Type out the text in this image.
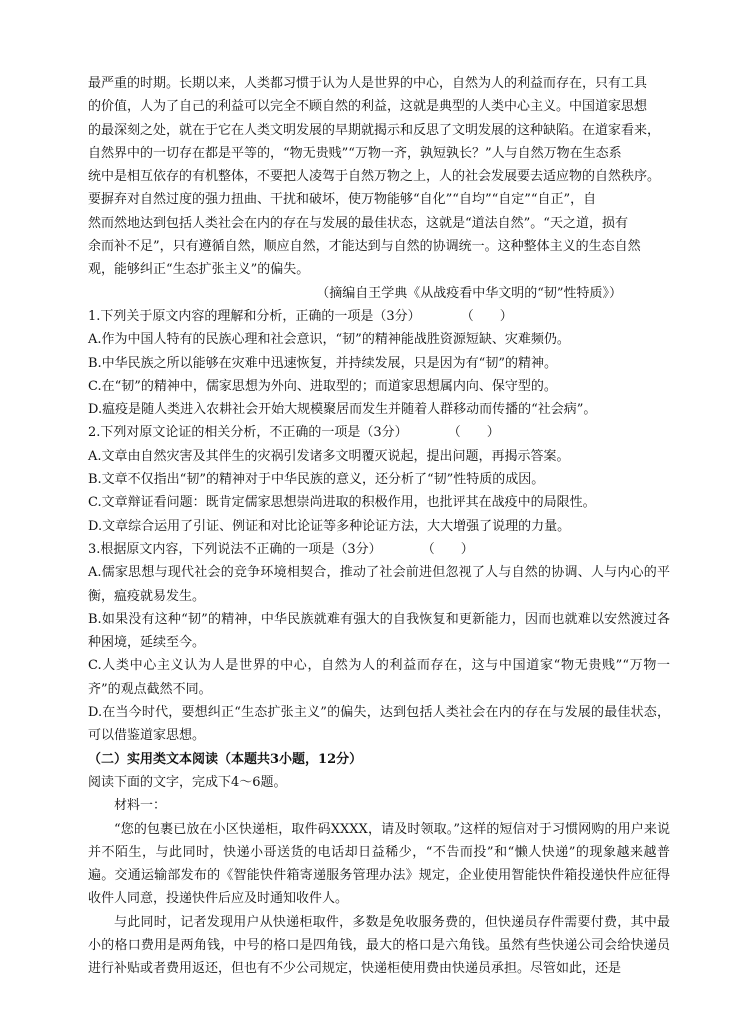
最严重的时期。长期以来，人类都习惯于认为人是世界的中心，自然为人的利益而存在，只有工具

的价值，人为了自己的利益可以完全不顾自然的利益，这就是典型的人类中心主义。中国道家思想

的最深刻之处，就在于它在人类文明发展的早期就揭示和反思了文明发展的这种缺陷。在道家看来，

自然界中的一切存在都是平等的，“物无贵贱”“万物一齐，孰短孰长？”人与自然万物在生态系

统中是相互依存的有机整体，不要把人凌驾于自然万物之上，人的社会发展要去适应物的自然秩序。

要摒弃对自然过度的强力扭曲、干扰和破坏，使万物能够“自化”“自均”“自定”“自正”，自

然而然地达到包括人类社会在内的存在与发展的最佳状态，这就是“道法自然”。“天之道，损有

余而补不足”，只有遵循自然，顺应自然，才能达到与自然的协调统一。这种整体主义的生态自然

观，能够纠正“生态扩张主义”的偏失。

（摘编自王学典《从战疫看中华文明的“韧”性特质》）

1.下列关于原文内容的理解和分析，正确的一项是（3分）	（　　）

A.作为中国人特有的民族心理和社会意识，“韧”的精神能战胜资源短缺、灾难频仍。

B.中华民族之所以能够在灾难中迅速恢复，并持续发展，只是因为有“韧”的精神。

C.在“韧”的精神中，儒家思想为外向、进取型的；而道家思想属内向、保守型的。

D.瘟疫是随人类进入农耕社会开始大规模聚居而发生并随着人群移动而传播的“社会病”。

2.下列对原文论证的相关分析，不正确的一项是（3分）	（　　）

A.文章由自然灾害及其伴生的灾祸引发诸多文明覆灭说起，提出问题，再揭示答案。

B.文章不仅指出“韧”的精神对于中华民族的意义，还分析了“韧”性特质的成因。

C.文章辩证看问题：既肯定儒家思想崇尚进取的积极作用，也批评其在战疫中的局限性。

D.文章综合运用了引证、例证和对比论证等多种论证方法，大大增强了说理的力量。

3.根据原文内容，下列说法不正确的一项是（3分）	（　　）

A.儒家思想与现代社会的竞争环境相契合，推动了社会前进但忽视了人与自然的协调、人与内心的平衡，瘟疫就易发生。

B.如果没有这种“韧”的精神，中华民族就难有强大的自我恢复和更新能力，因而也就难以安然渡过各种困境，延续至今。

C.人类中心主义认为人是世界的中心，自然为人的利益而存在，这与中国道家“物无贵贱”“万物一齐”的观点截然不同。

D.在当今时代，要想纠正“生态扩张主义”的偏失，达到包括人类社会在内的存在与发展的最佳状态，可以借鉴道家思想。

（二）实用类文本阅读（本题共3小题，12分）

阅读下面的文字，完成下4～6题。

材料一：

“您的包裹已放在小区快递柜，取件码XXXX，请及时领取。”这样的短信对于习惯网购的用户来说并不陌生，与此同时，快递小哥送货的电话却日益稀少，“不告而投”和“懒人快递”的现象越来越普遍。交通运输部发布的《智能快件箱寄递服务管理办法》规定，企业使用智能快件箱投递快件应征得收件人同意，投递快件后应及时通知收件人。

与此同时，记者发现用户从快递柜取件，多数是免收服务费的，但快递员存件需要付费，其中最小的格口费用是两角钱，中号的格口是四角钱，最大的格口是六角钱。虽然有些快递公司会给快递员进行补贴或者费用返还，但也有不少公司规定，快递柜使用费由快递员承担。尽管如此，还是
